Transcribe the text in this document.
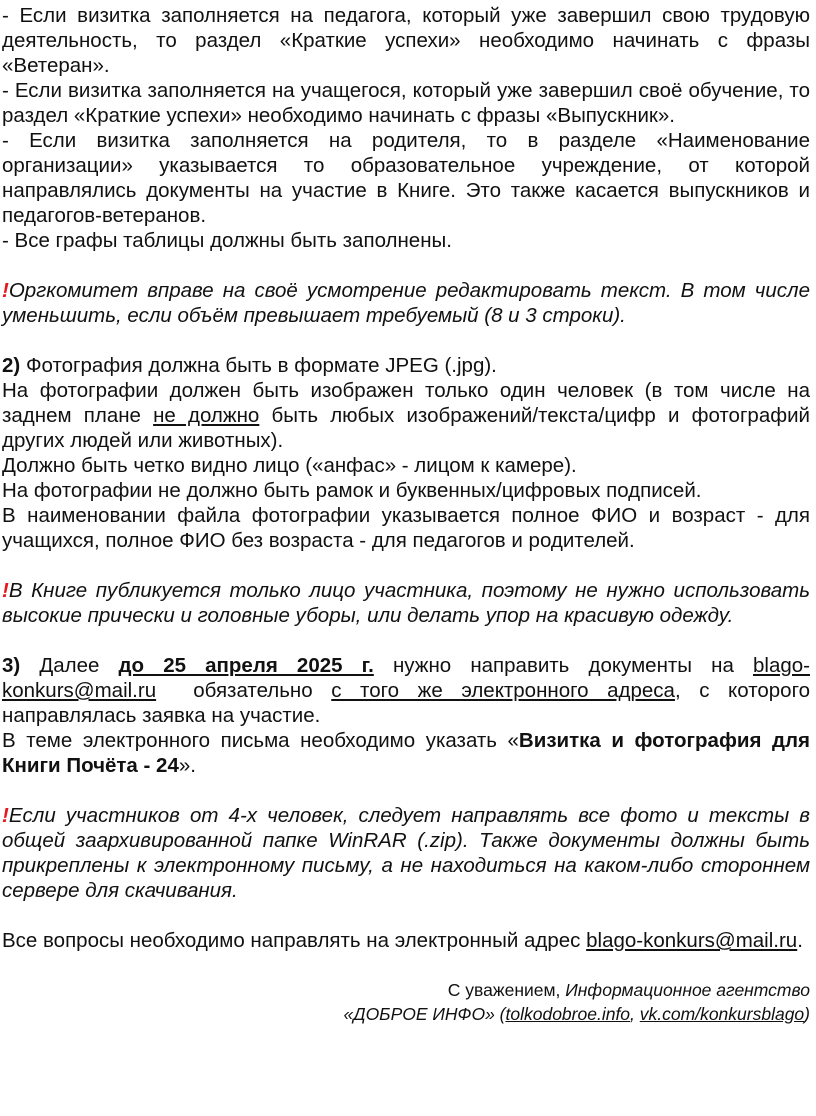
- Если визитка заполняется на педагога, который уже завершил свою трудовую деятельность, то раздел «Краткие успехи» необходимо начинать с фразы «Ветеран».

- Если визитка заполняется на учащегося, который уже завершил своё обучение, то раздел «Краткие успехи» необходимо начинать с фразы «Выпускник».

- Если визитка заполняется на родителя, то в разделе «Наименование организации» указывается то образовательное учреждение, от которой направлялись документы на участие в Книге. Это также касается выпускников и педагогов-ветеранов.

- Все графы таблицы должны быть заполнены.

!Оргкомитет вправе на своё усмотрение редактировать текст. В том числе уменьшить, если объём превышает требуемый (8 и 3 строки).

2) Фотография должна быть в формате JPEG (.jpg).

На фотографии должен быть изображен только один человек (в том числе на заднем плане не должно быть любых изображений/текста/цифр и фотографий других людей или животных).

Должно быть четко видно лицо («анфас» - лицом к камере).

На фотографии не должно быть рамок и буквенных/цифровых подписей.

В наименовании файла фотографии указывается полное ФИО и возраст - для учащихся, полное ФИО без возраста - для педагогов и родителей.

!В Книге публикуется только лицо участника, поэтому не нужно использовать высокие прически и головные уборы, или делать упор на красивую одежду.

3) Далее до 25 апреля 2025 г. нужно направить документы на blago-konkurs@mail.ru  обязательно с того же электронного адреса, с которого направлялась заявка на участие.

В теме электронного письма необходимо указать «Визитка и фотография для Книги Почёта - 24».

!Если участников от 4-х человек, следует направлять все фото и тексты в общей заархивированной папке WinRAR (.zip). Также документы должны быть прикреплены к электронному письму, а не находиться на каком-либо стороннем сервере для скачивания.

Все вопросы необходимо направлять на электронный адрес blago-konkurs@mail.ru.

С уважением, Информационное агентство
«ДОБРОЕ ИНФО» (tolkodobroe.info, vk.com/konkursblago)
